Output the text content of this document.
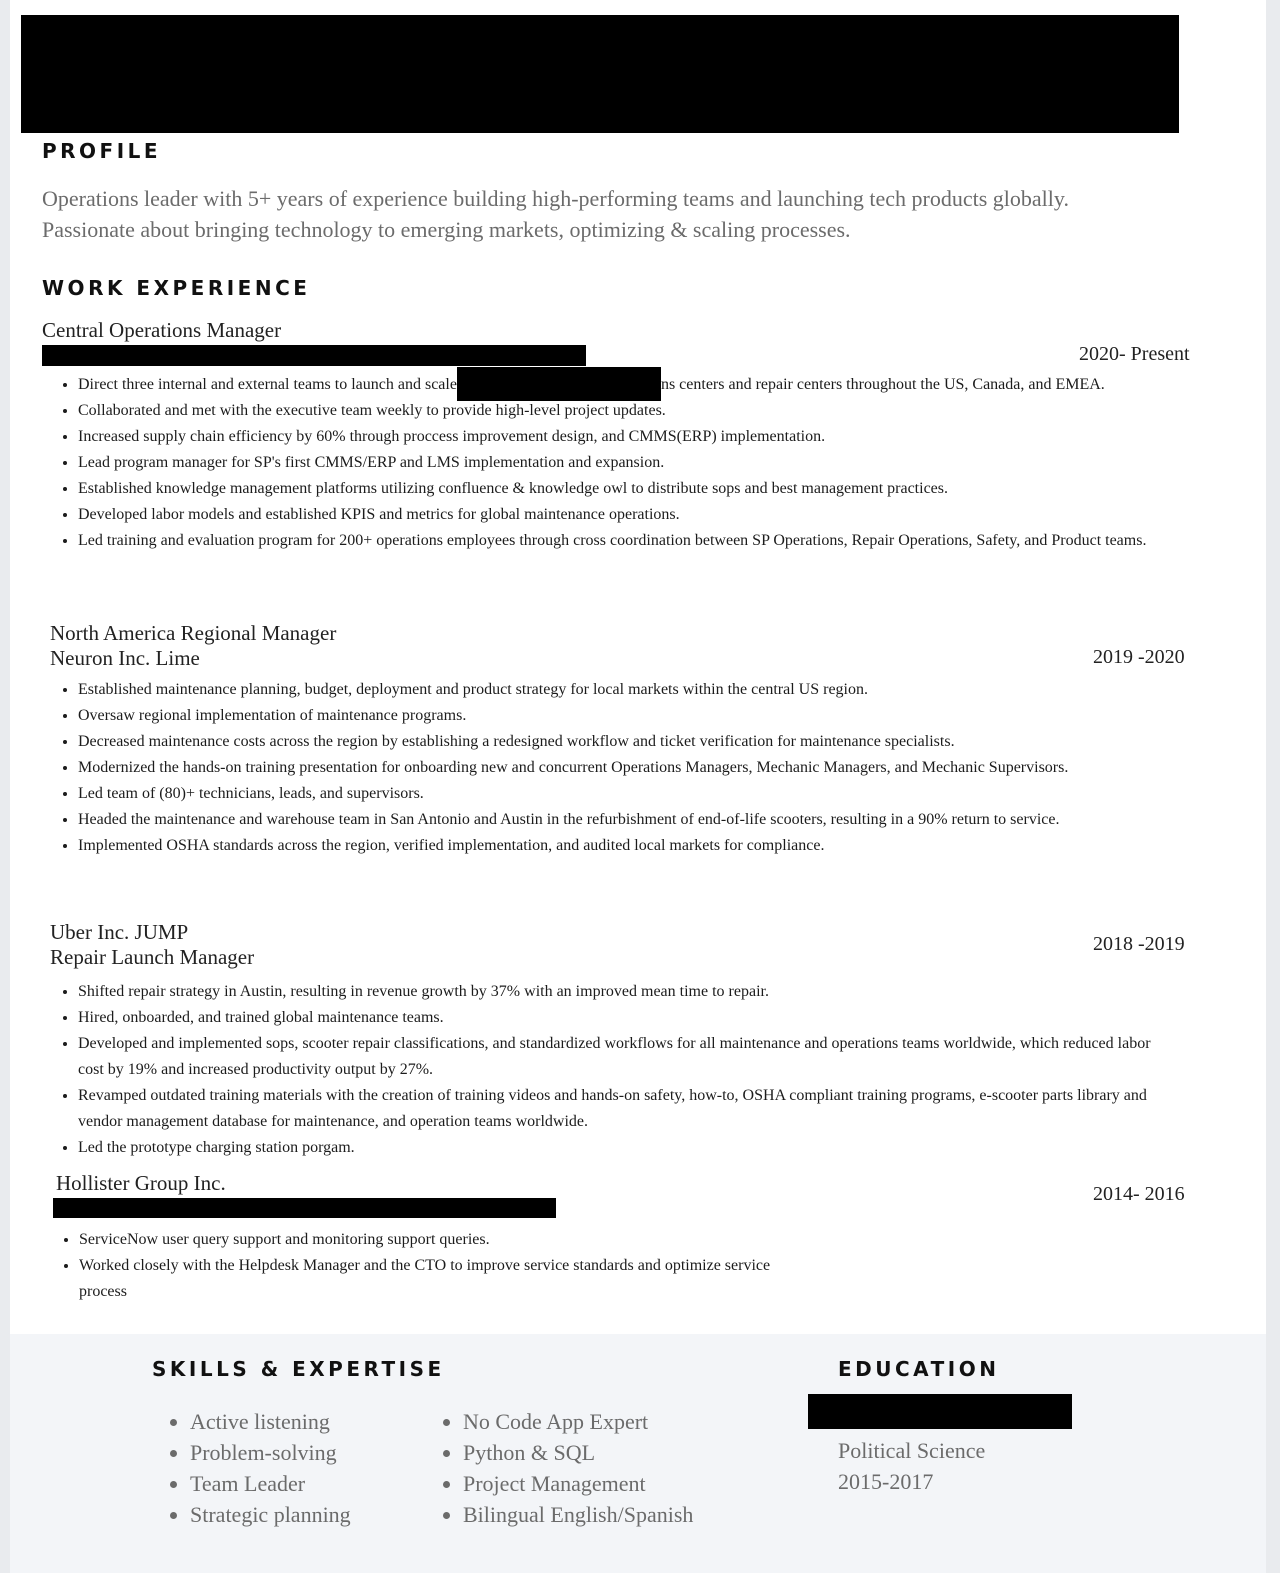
PROFILE

Operations leader with 5+ years of experience building high-performing teams and launching tech products globally. Passionate about bringing technology to emerging markets, optimizing & scaling processes.

WORK EXPERIENCE
Central Operations Manager
2020- Present
• Direct three internal and external teams to launch and scale	ns centers and repair centers throughout the US, Canada, and EMEA.
• Collaborated and met with the executive team weekly to provide high-level project updates.
• Increased supply chain efficiency by 60% through proccess improvement design, and CMMS(ERP) implementation.
• Lead program manager for SP's first CMMS/ERP and LMS implementation and expansion.
• Established knowledge management platforms utilizing confluence & knowledge owl to distribute sops and best management practices.
• Developed labor models and established KPIS and metrics for global maintenance operations.
• Led training and evaluation program for 200+ operations employees through cross coordination between SP Operations, Repair Operations, Safety, and Product teams.
North America Regional Manager
Neuron Inc. Lime	2019 -2020
• Established maintenance planning, budget, deployment and product strategy for local markets within the central US region.
• Oversaw regional implementation of maintenance programs.
• Decreased maintenance costs across the region by establishing a redesigned workflow and ticket verification for maintenance specialists.
• Modernized the hands-on training presentation for onboarding new and concurrent Operations Managers, Mechanic Managers, and Mechanic Supervisors.
• Led team of (80)+ technicians, leads, and supervisors.
• Headed the maintenance and warehouse team in San Antonio and Austin in the refurbishment of end-of-life scooters, resulting in a 90% return to service.
• Implemented OSHA standards across the region, verified implementation, and audited local markets for compliance.
Uber Inc. JUMP
Repair Launch Manager
2018 -2019
• Shifted repair strategy in Austin, resulting in revenue growth by 37% with an improved mean time to repair.
• Hired, onboarded, and trained global maintenance teams.
• Developed and implemented sops, scooter repair classifications, and standardized workflows for all maintenance and operations teams worldwide, which reduced labor cost by 19% and increased productivity output by 27%.
• Revamped outdated training materials with the creation of training videos and hands-on safety, how-to, OSHA compliant training programs, e-scooter parts library and vendor management database for maintenance, and operation teams worldwide.
• Led the prototype charging station porgam.
Hollister Group Inc.	2014- 2016
• ServiceNow user query support and monitoring support queries.
• Worked closely with the Helpdesk Manager and the CTO to improve service standards and optimize service process
SKILLS & EXPERTISE
• Active listening
• Problem-solving
• Team Leader
• Strategic planning
• No Code App Expert
• Python & SQL
• Project Management
• Bilingual English/Spanish
EDUCATION
Political Science
2015-2017
